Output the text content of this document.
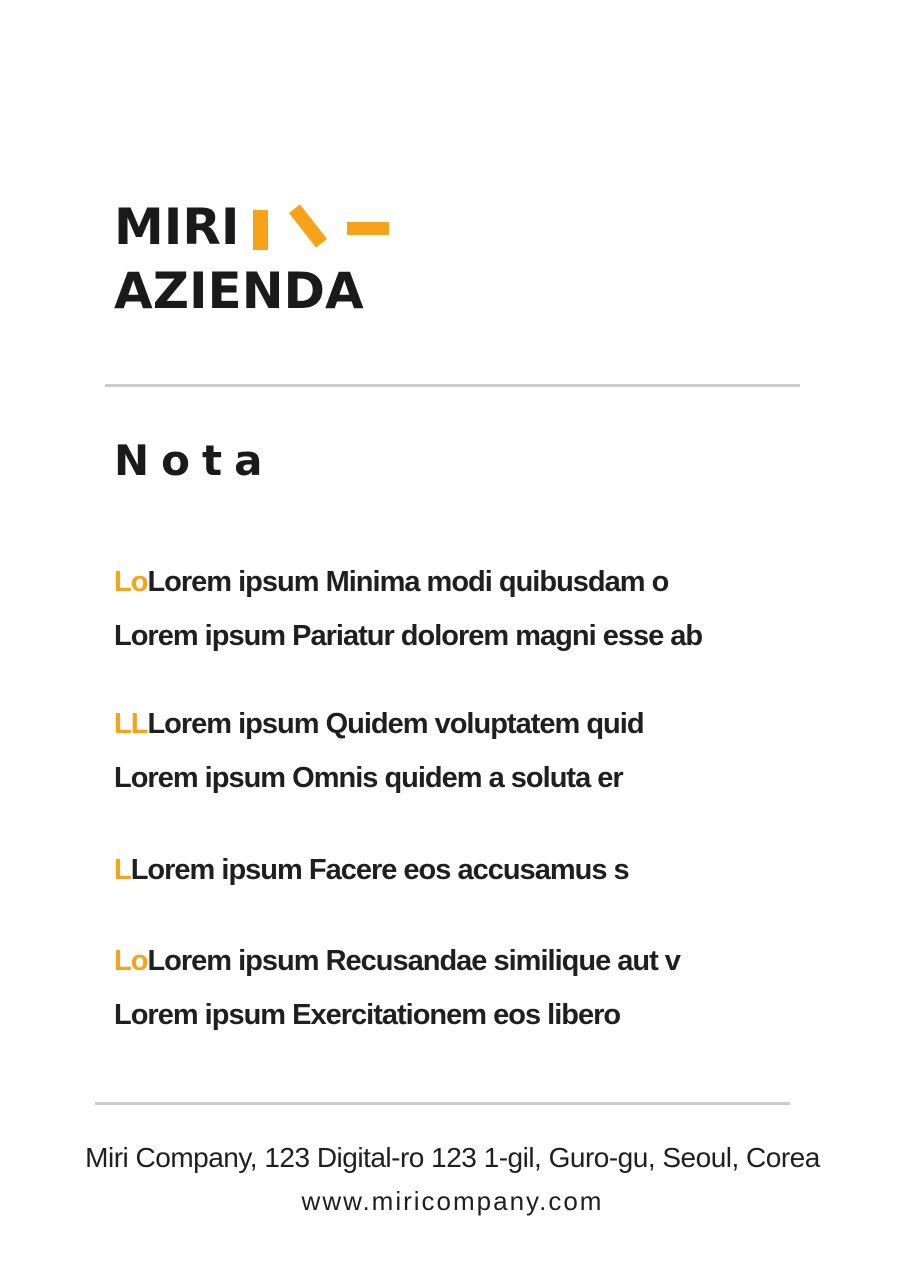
MIRI
AZIENDA
Nota
LoLorem ipsum Minima modi quibusdam o
Lorem ipsum Pariatur dolorem magni esse ab
LLLorem ipsum Quidem voluptatem quid
Lorem ipsum Omnis quidem a soluta er
LLorem ipsum Facere eos accusamus s
LoLorem ipsum Recusandae similique aut v
Lorem ipsum Exercitationem eos libero
Miri Company, 123 Digital-ro 123 1-gil, Guro-gu, Seoul, Corea
www.miricompany.com
